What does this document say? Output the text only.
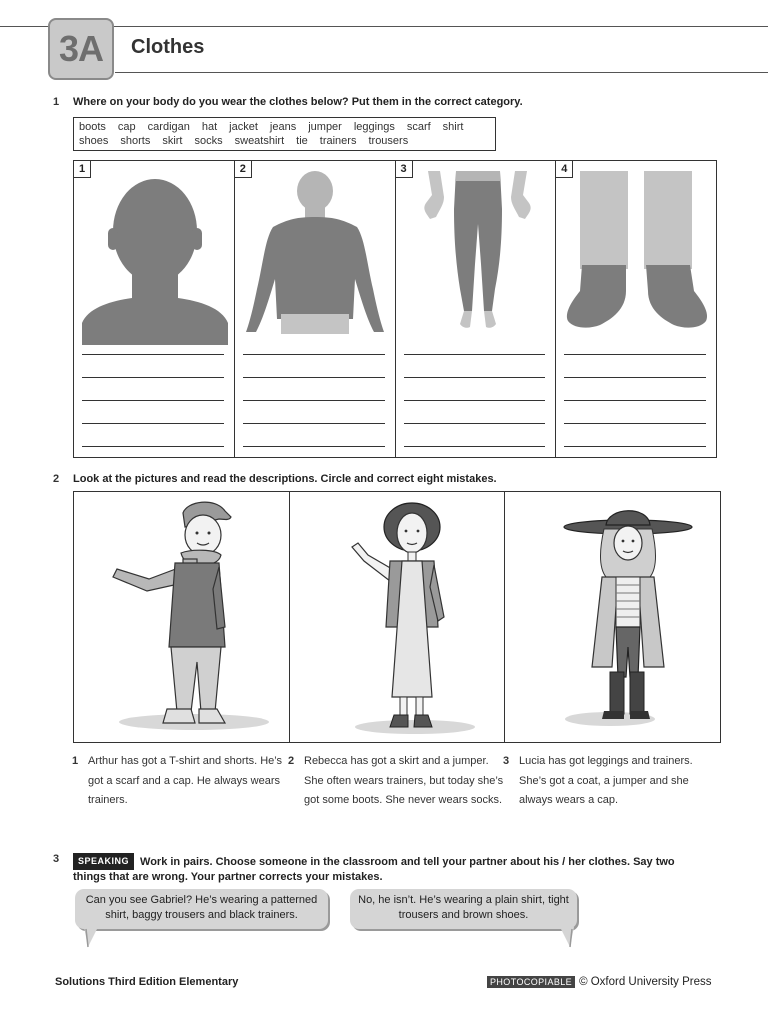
3A	Clothes
1 Where on your body do you wear the clothes below? Put them in the correct category.
boots cap cardigan hat jacket jeans jumper leggings scarf shirt
shoes shorts skirt socks sweatshirt tie trainers trousers
1	2	3	4
2 Look at the pictures and read the descriptions. Circle and correct eight mistakes.
1 Arthur has got a T-shirt and shorts. He’s got a scarf and a cap. He always wears trainers.
2 Rebecca has got a skirt and a jumper. She often wears trainers, but today she’s got some boots. She never wears socks.
3 Lucia has got leggings and trainers. She’s got a coat, a jumper and she always wears a cap.
3	SPEAKING Work in pairs. Choose someone in the classroom and tell your partner about his / her clothes. Say two things that are wrong. Your partner corrects your mistakes.
Can you see Gabriel? He’s wearing a patterned shirt, baggy trousers and black trainers.
No, he isn’t. He’s wearing a plain shirt, tight trousers and brown shoes.
Solutions Third Edition Elementary	PHOTOCOPIABLE © Oxford University Press
